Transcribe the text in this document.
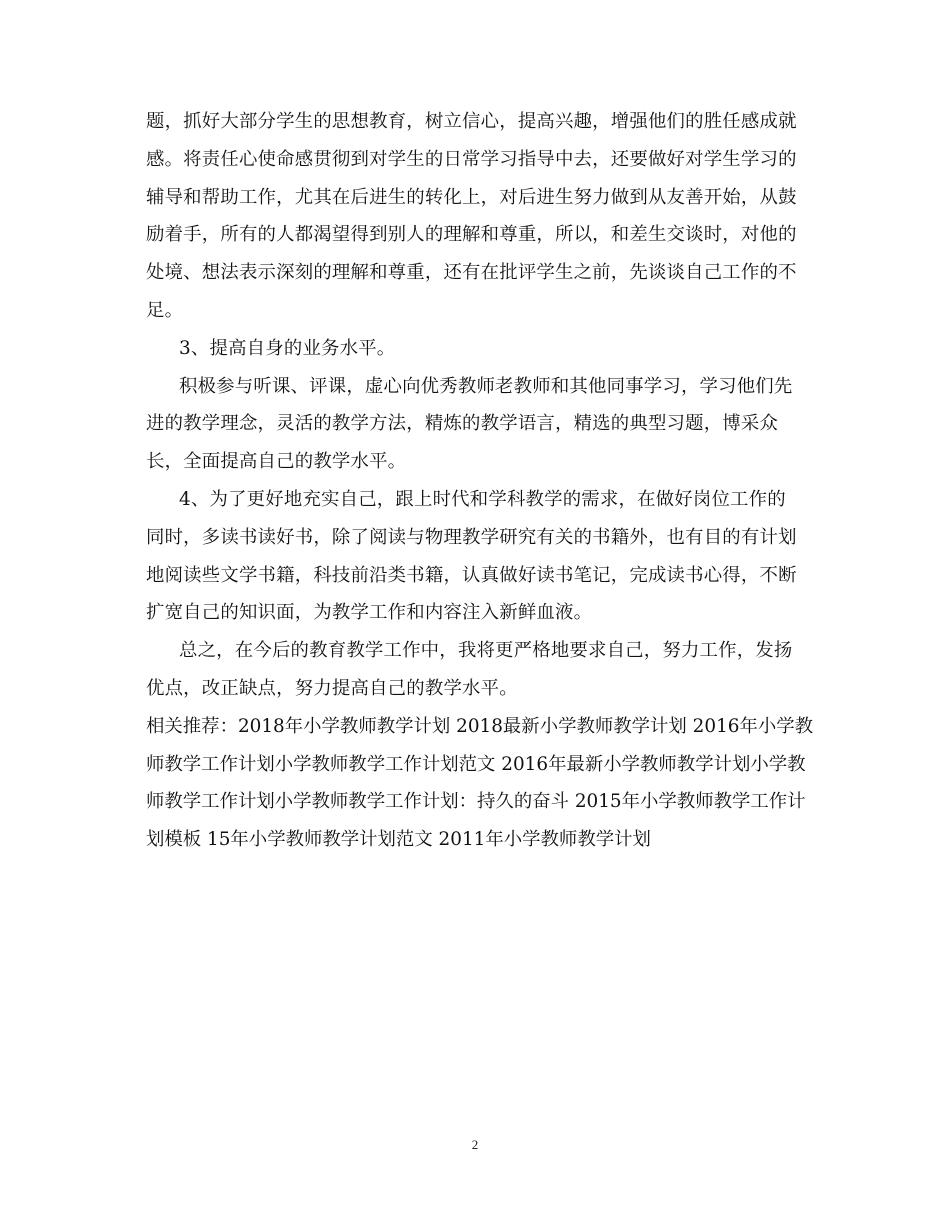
题，抓好大部分学生的思想教育，树立信心，提高兴趣，增强他们的胜任感成就
感。将责任心使命感贯彻到对学生的日常学习指导中去，还要做好对学生学习的
辅导和帮助工作，尤其在后进生的转化上，对后进生努力做到从友善开始，从鼓
励着手，所有的人都渴望得到别人的理解和尊重，所以，和差生交谈时，对他的
处境、想法表示深刻的理解和尊重，还有在批评学生之前，先谈谈自己工作的不
足。
3、提高自身的业务水平。
积极参与听课、评课，虚心向优秀教师老教师和其他同事学习，学习他们先
进的教学理念，灵活的教学方法，精炼的教学语言，精选的典型习题，博采众
长，全面提高自己的教学水平。
4、为了更好地充实自己，跟上时代和学科教学的需求，在做好岗位工作的
同时，多读书读好书，除了阅读与物理教学研究有关的书籍外，也有目的有计划
地阅读些文学书籍，科技前沿类书籍，认真做好读书笔记，完成读书心得，不断
扩宽自己的知识面，为教学工作和内容注入新鲜血液。
总之，在今后的教育教学工作中，我将更严格地要求自己，努力工作，发扬
优点，改正缺点，努力提高自己的教学水平。
相关推荐：2018年小学教师教学计划 2018最新小学教师教学计划 2016年小学教
师教学工作计划小学教师教学工作计划范文 2016年最新小学教师教学计划小学教
师教学工作计划小学教师教学工作计划：持久的奋斗 2015年小学教师教学工作计
划模板 15年小学教师教学计划范文 2011年小学教师教学计划
2
